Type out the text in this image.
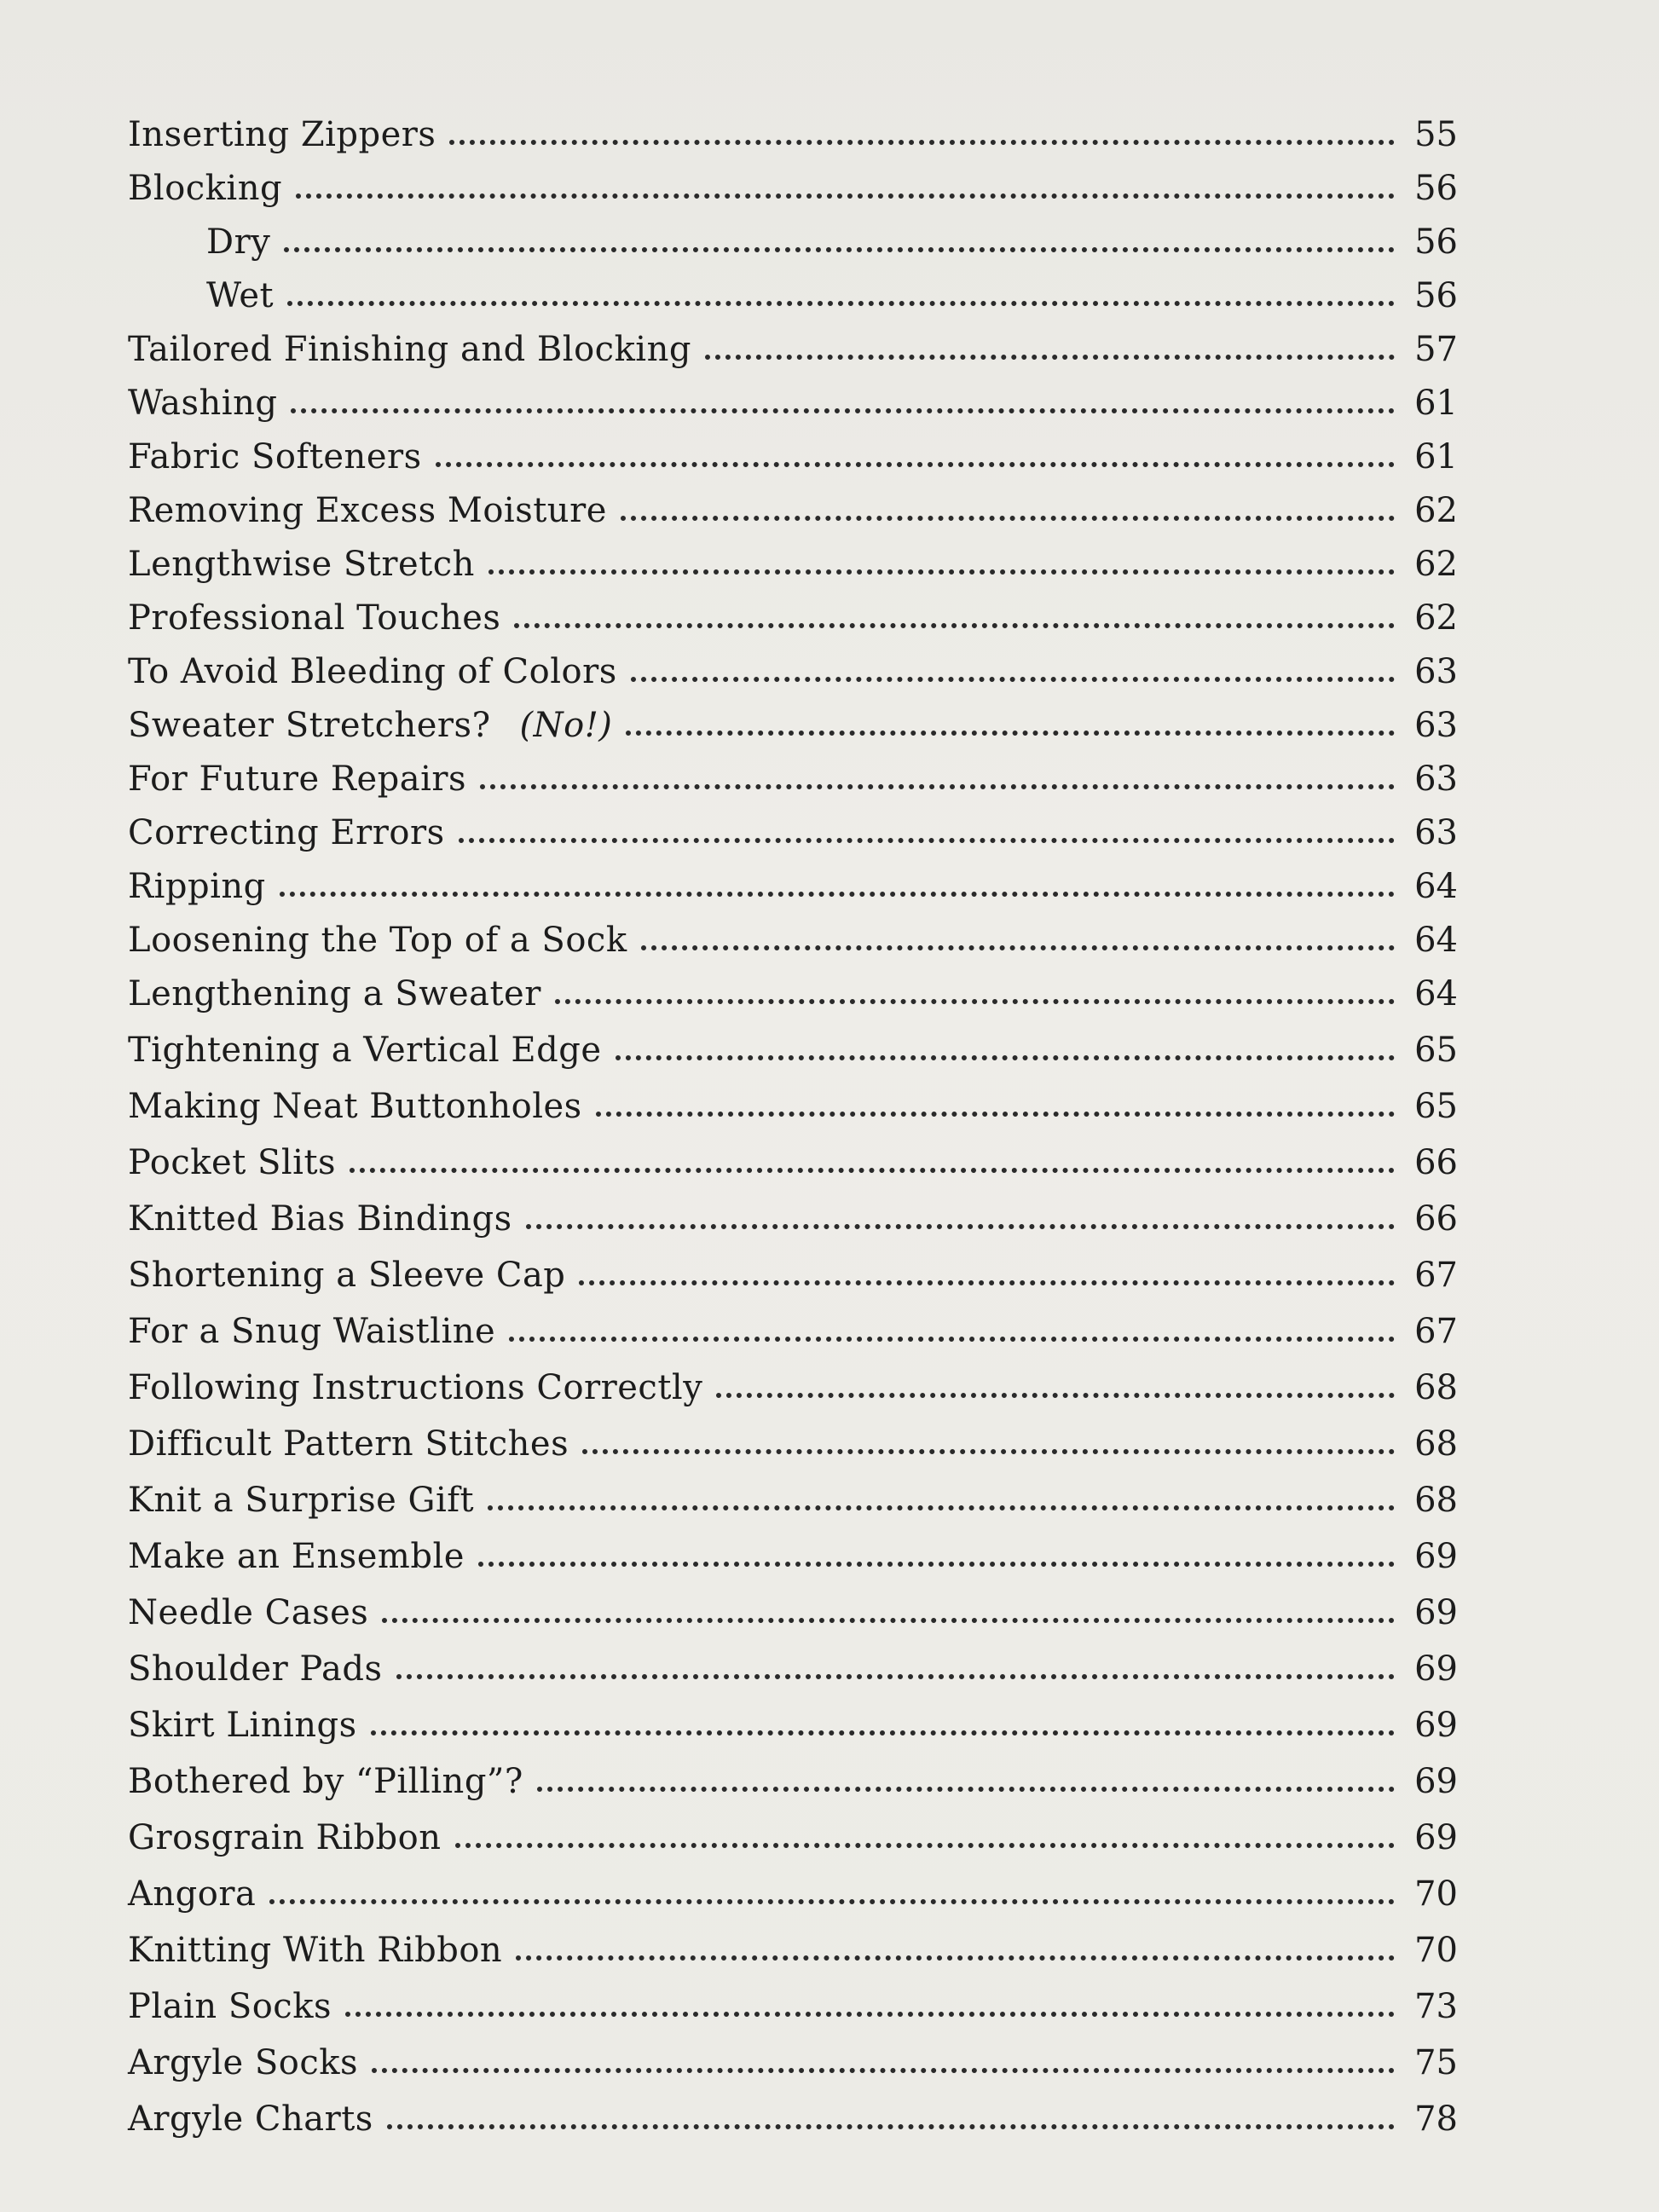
Inserting Zippers	55
Blocking	56
Dry	56
Wet	56
Tailored Finishing and Blocking	57
Washing	61
Fabric Softeners	61
Removing Excess Moisture	62
Lengthwise Stretch	62
Professional Touches	62
To Avoid Bleeding of Colors	63
Sweater Stretchers? (No!)	63
For Future Repairs	63
Correcting Errors	63
Ripping	64
Loosening the Top of a Sock	64
Lengthening a Sweater	64
Tightening a Vertical Edge	65
Making Neat Buttonholes	65
Pocket Slits	66
Knitted Bias Bindings	66
Shortening a Sleeve Cap	67
For a Snug Waistline	67
Following Instructions Correctly	68
Difficult Pattern Stitches	68
Knit a Surprise Gift	68
Make an Ensemble	69
Needle Cases	69
Shoulder Pads	69
Skirt Linings	69
Bothered by “Pilling”?	69
Grosgrain Ribbon	69
Angora	70
Knitting With Ribbon	70
Plain Socks	73
Argyle Socks	75
Argyle Charts	78
